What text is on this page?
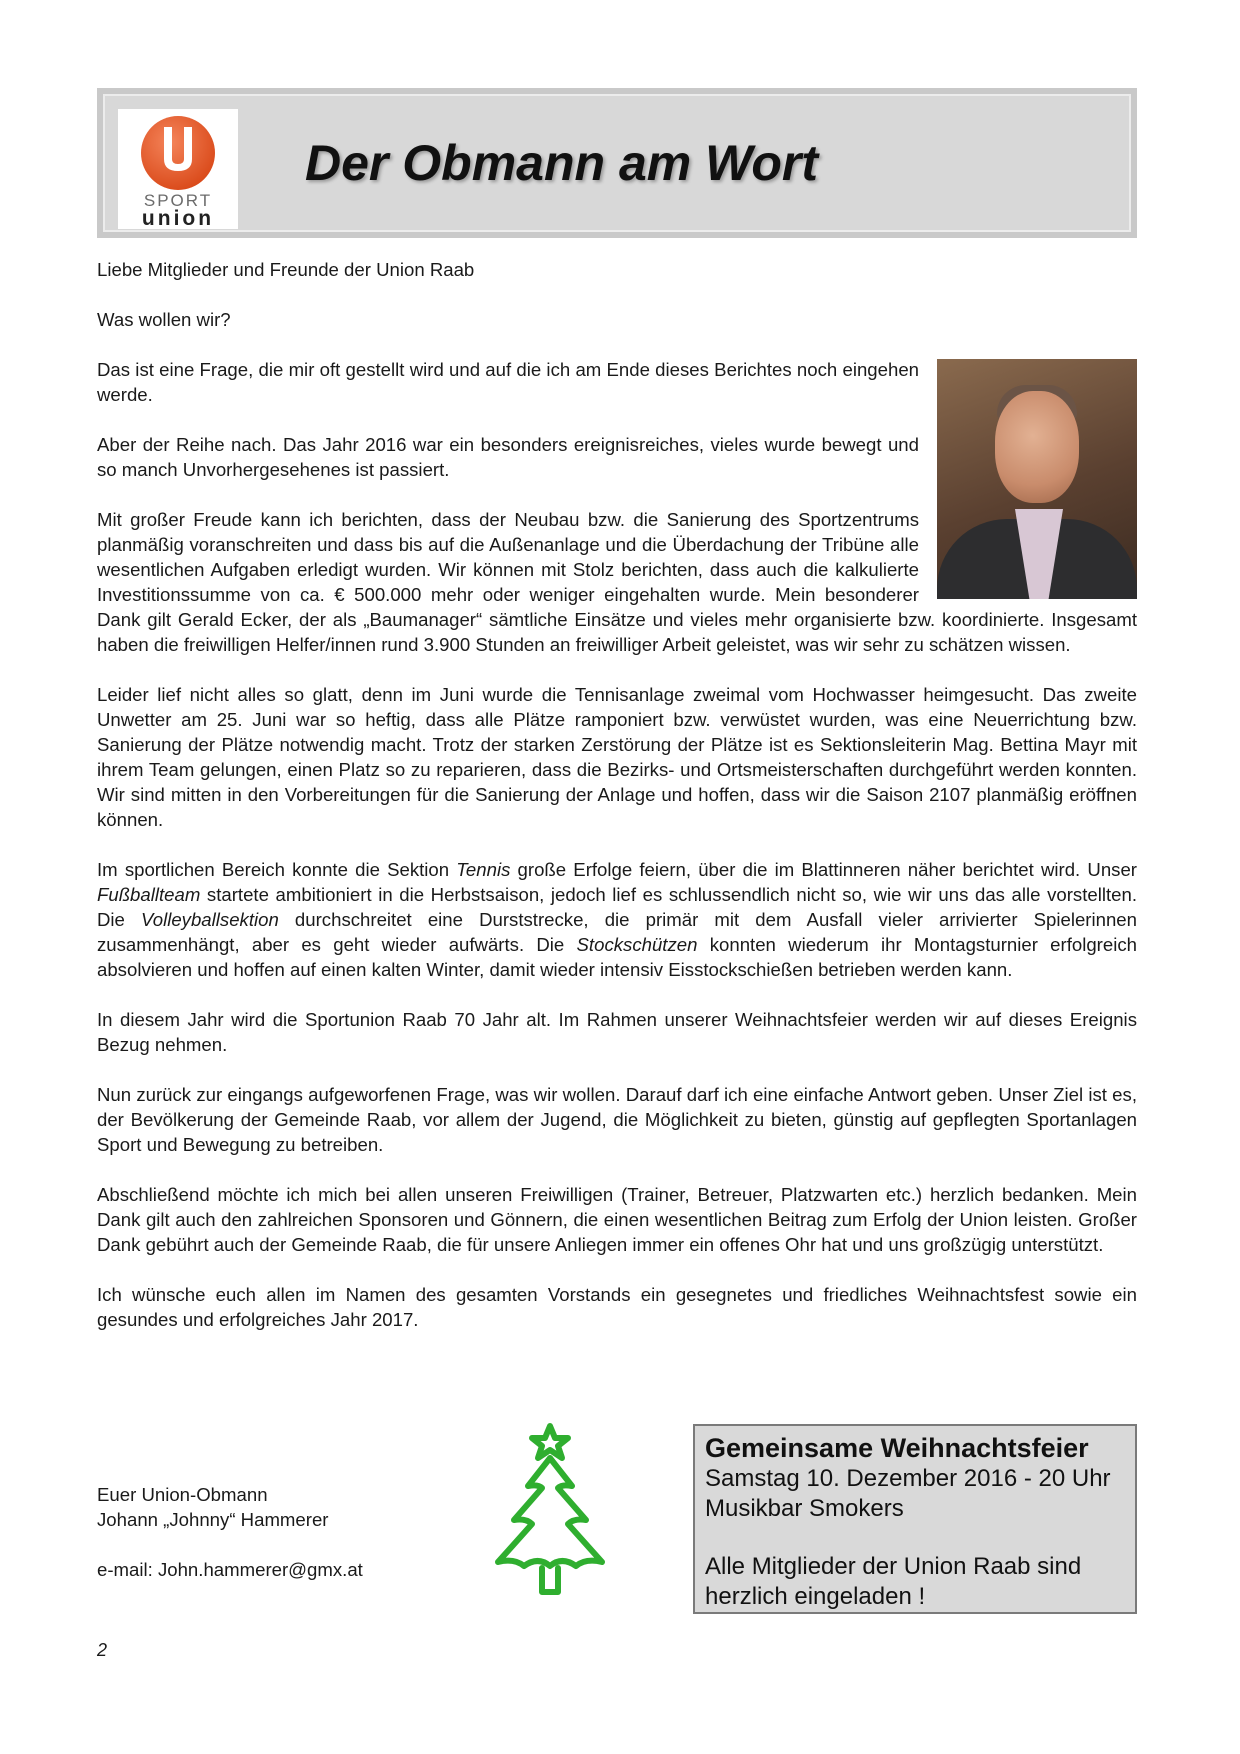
SPORT
union
Der Obmann am Wort

Liebe Mitglieder und Freunde der Union Raab

Was wollen wir?

Das ist eine Frage, die mir oft gestellt wird und auf die ich am Ende dieses Berichtes noch eingehen werde.

Aber der Reihe nach. Das Jahr 2016 war ein besonders ereignisreiches, vieles wurde bewegt und so manch Unvorhergesehenes ist passiert.

Mit großer Freude kann ich berichten, dass der Neubau bzw. die Sanierung des Sportzentrums planmäßig voranschreiten und dass bis auf die Außenanlage und die Überdachung der Tribüne alle wesentlichen Aufgaben erledigt wurden. Wir können mit Stolz berichten, dass auch die kalkulierte Investitionssumme von ca. € 500.000 mehr oder weniger eingehalten wurde. Mein besonderer Dank gilt Gerald Ecker, der als „Baumanager“ sämtliche Einsätze und vieles mehr organisierte bzw. koordinierte. Insgesamt haben die freiwilligen Helfer/innen rund 3.900 Stunden an freiwilliger Arbeit geleistet, was wir sehr zu schätzen wissen.

Leider lief nicht alles so glatt, denn im Juni wurde die Tennisanlage zweimal vom Hochwasser heimgesucht. Das zweite Unwetter am 25. Juni war so heftig, dass alle Plätze ramponiert bzw. verwüstet wurden, was eine Neuerrichtung bzw. Sanierung der Plätze notwendig macht. Trotz der starken Zerstörung der Plätze ist es Sektionsleiterin Mag. Bettina Mayr mit ihrem Team gelungen, einen Platz so zu reparieren, dass die Bezirks- und Ortsmeisterschaften durchgeführt werden konnten. Wir sind mitten in den Vorbereitungen für die Sanierung der Anlage und hoffen, dass wir die Saison 2107 planmäßig eröffnen können.

Im sportlichen Bereich konnte die Sektion Tennis große Erfolge feiern, über die im Blattinneren näher berichtet wird. Unser Fußballteam startete ambitioniert in die Herbstsaison, jedoch lief es schlussendlich nicht so, wie wir uns das alle vorstellten. Die Volleyballsektion durchschreitet eine Durststrecke, die primär mit dem Ausfall vieler arrivierter Spielerinnen zusammenhängt, aber es geht wieder aufwärts. Die Stockschützen konnten wiederum ihr Montagsturnier erfolgreich absolvieren und hoffen auf einen kalten Winter, damit wieder intensiv Eisstockschießen betrieben werden kann.

In diesem Jahr wird die Sportunion Raab 70 Jahr alt. Im Rahmen unserer Weihnachtsfeier werden wir auf dieses Ereignis Bezug nehmen.

Nun zurück zur eingangs aufgeworfenen Frage, was wir wollen. Darauf darf ich eine einfache Antwort geben. Unser Ziel ist es, der Bevölkerung der Gemeinde Raab, vor allem der Jugend, die Möglichkeit zu bieten, günstig auf gepflegten Sportanlagen Sport und Bewegung zu betreiben.

Abschließend möchte ich mich bei allen unseren Freiwilligen (Trainer, Betreuer, Platzwarten etc.) herzlich bedanken. Mein Dank gilt auch den zahlreichen Sponsoren und Gönnern, die einen wesentlichen Beitrag zum Erfolg der Union leisten. Großer Dank gebührt auch der Gemeinde Raab, die für unsere Anliegen immer ein offenes Ohr hat und uns großzügig unterstützt.

Ich wünsche euch allen im Namen des gesamten Vorstands ein gesegnetes und friedliches Weihnachtsfest sowie ein gesundes und erfolgreiches Jahr 2017.

Euer Union-Obmann
Johann „Johnny“ Hammerer
e-mail: John.hammerer@gmx.at
Gemeinsame Weihnachtsfeier
Samstag 10. Dezember 2016 - 20 Uhr
Musikbar Smokers
Alle Mitglieder der Union Raab sind
herzlich eingeladen !
2
